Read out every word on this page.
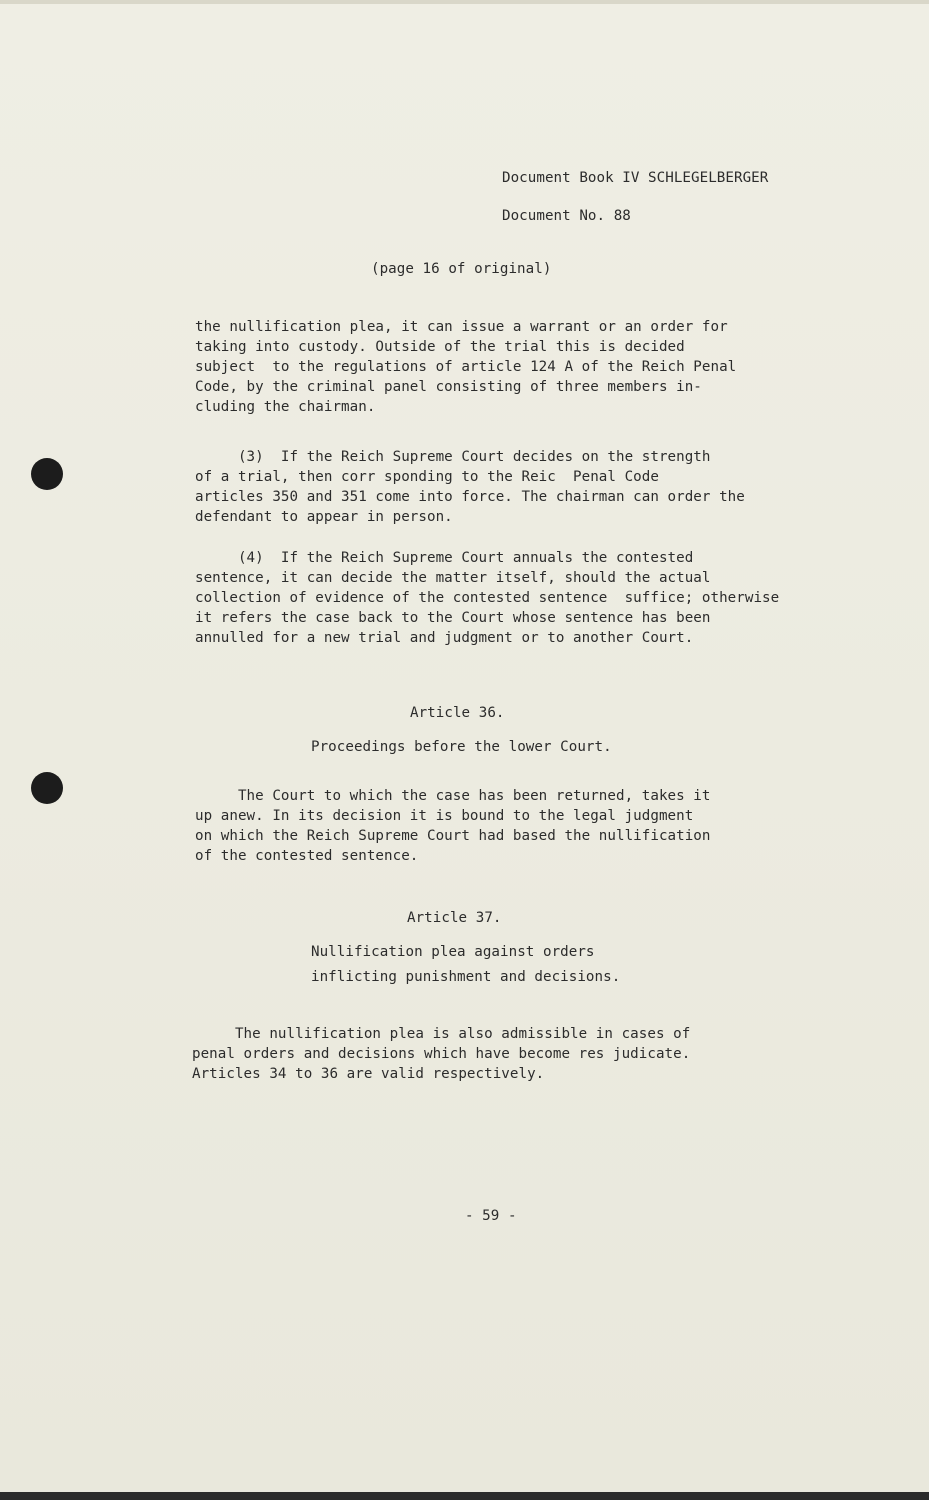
Document Book IV SCHLEGELBERGER
Document No. 88
(page 16 of original)
the nullification plea, it can issue a warrant or an order for
taking into custody. Outside of the trial this is decided
subject  to the regulations of article 124 A of the Reich Penal
Code, by the criminal panel consisting of three members in-
cluding the chairman.
(3)  If the Reich Supreme Court decides on the strength
of a trial, then corr sponding to the Reic  Penal Code
articles 350 and 351 come into force. The chairman can order the
defendant to appear in person.
(4)  If the Reich Supreme Court annuals the contested
sentence, it can decide the matter itself, should the actual
collection of evidence of the contested sentence  suffice; otherwise
it refers the case back to the Court whose sentence has been
annulled for a new trial and judgment or to another Court.
Article 36.
Proceedings before the lower Court.
The Court to which the case has been returned, takes it
up anew. In its decision it is bound to the legal judgment
on which the Reich Supreme Court had based the nullification
of the contested sentence.
Article 37.
Nullification plea against orders
inflicting punishment and decisions.
The nullification plea is also admissible in cases of
penal orders and decisions which have become res judicate.
Articles 34 to 36 are valid respectively.
- 59 -
